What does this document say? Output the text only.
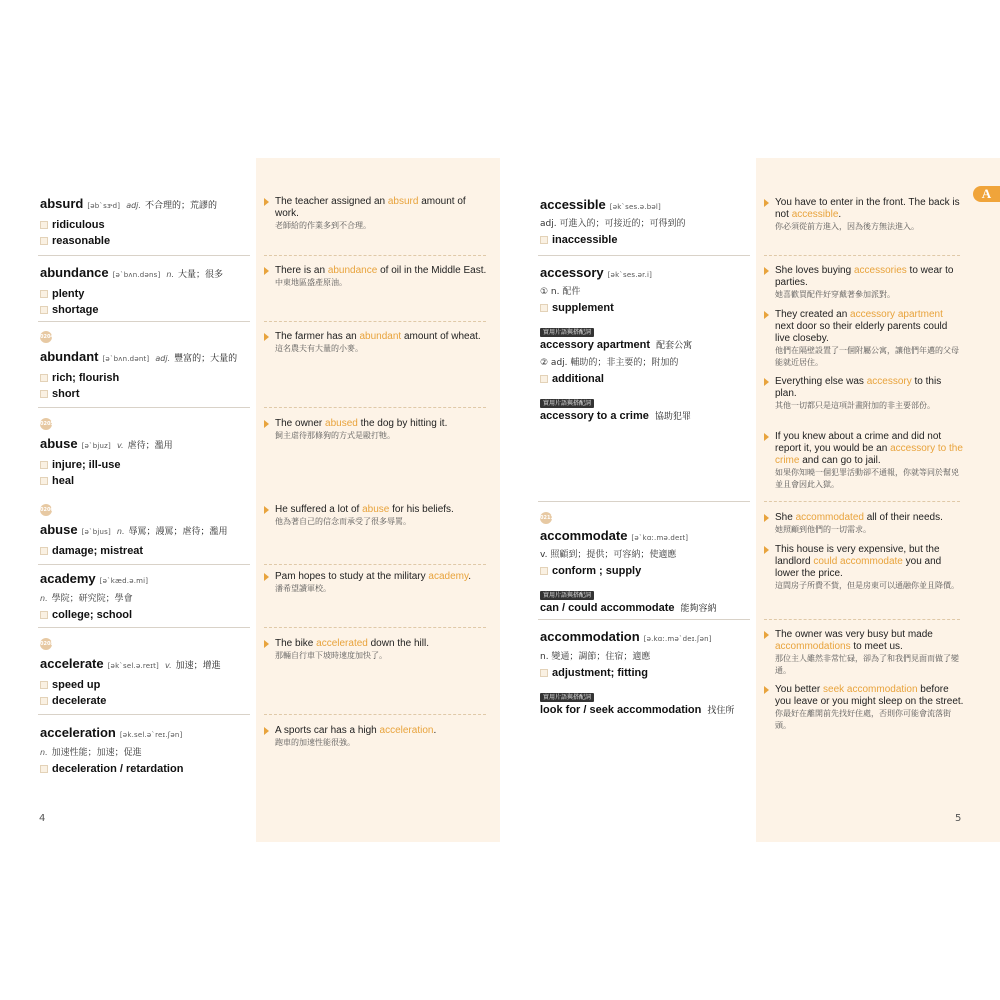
A
absurd [əb`sɝd] adj. 不合理的；荒謬的
ridiculous
reasonable
abundance [ə`bʌn.dəns] n. 大量；很多
plenty
shortage
0204
abundant [ə`bʌn.dənt] adj. 豐富的；大量的
rich; flourish
short
0205
abuse [ə`bjuz] v. 虐待；濫用
injure; ill-use
heal
0206
abuse [ə`bjus] n. 辱罵；謾罵；虐待；濫用
damage; mistreat
academy [ə`kæd.ə.mi]
n. 學院；研究院；學會
college; school
0208
accelerate [ək`sel.ə.reɪt] v. 加速；增進
speed up
decelerate
acceleration [ək.sel.ə`reɪ.ʃən]
n. 加速性能；加速；促進
deceleration / retardation
The teacher assigned an absurd amount of work.
老師給的作業多到不合理。
There is an abundance of oil in the Middle East.
中東地區盛產原油。
The farmer has an abundant amount of wheat.
這名農夫有大量的小麥。
The owner abused the dog by hitting it.
飼主虐待那條狗的方式是毆打牠。
He suffered a lot of abuse for his beliefs.
他為著自己的信念而承受了很多辱罵。
Pam hopes to study at the military academy.
潘希望讀軍校。
The bike accelerated down the hill.
那輛自行車下坡時速度加快了。
A sports car has a high acceleration.
跑車的加速性能很強。
4
accessible [ək`ses.ə.bəl]
adj. 可進入的；可接近的；可得到的
inaccessible
accessory [ək`ses.ər.i]
① n. 配件
supplement
實用片語與搭配詞
accessory apartment 配套公寓
② adj. 輔助的；非主要的；附加的
additional
實用片語與搭配詞
accessory to a crime 協助犯罪
0211
accommodate [ə`kɑː.mə.deɪt]
v. 照顧到；提供；可容納；使適應
conform ; supply
實用片語與搭配詞
can / could accommodate 能夠容納
accommodation [ə.kɑː.mə`deɪ.ʃən]
n. 變通；調節；住宿；適應
adjustment; fitting
實用片語與搭配詞
look for / seek accommodation 找住所
You have to enter in the front. The back is not accessible.
你必須從前方進入，因為後方無法進入。
She loves buying accessories to wear to parties.
她喜歡買配件好穿戴著參加派對。
They created an accessory apartment next door so their elderly parents could live closeby.
他們在隔壁設置了一個附屬公寓，讓他們年邁的父母能就近居住。
Everything else was accessory to this plan.
其他一切都只是這項計畫附加的非主要部份。
If you knew about a crime and did not report it, you would be an accessory to the crime and can go to jail.
如果你知曉一個犯罪活動卻不通報，你就等同於幫兇並且會因此入獄。
She accommodated all of their needs.
她照顧到他們的一切需求。
This house is very expensive, but the landlord could accommodate you and lower the price.
這間房子所費不貲，但是房東可以通融你並且降價。
The owner was very busy but made accommodations to meet us.
那位主人雖然非常忙碌，卻為了和我們見面而做了變通。
You better seek accommodation before you leave or you might sleep on the street.
你最好在離開前先找好住處，否則你可能會流落街頭。
5
